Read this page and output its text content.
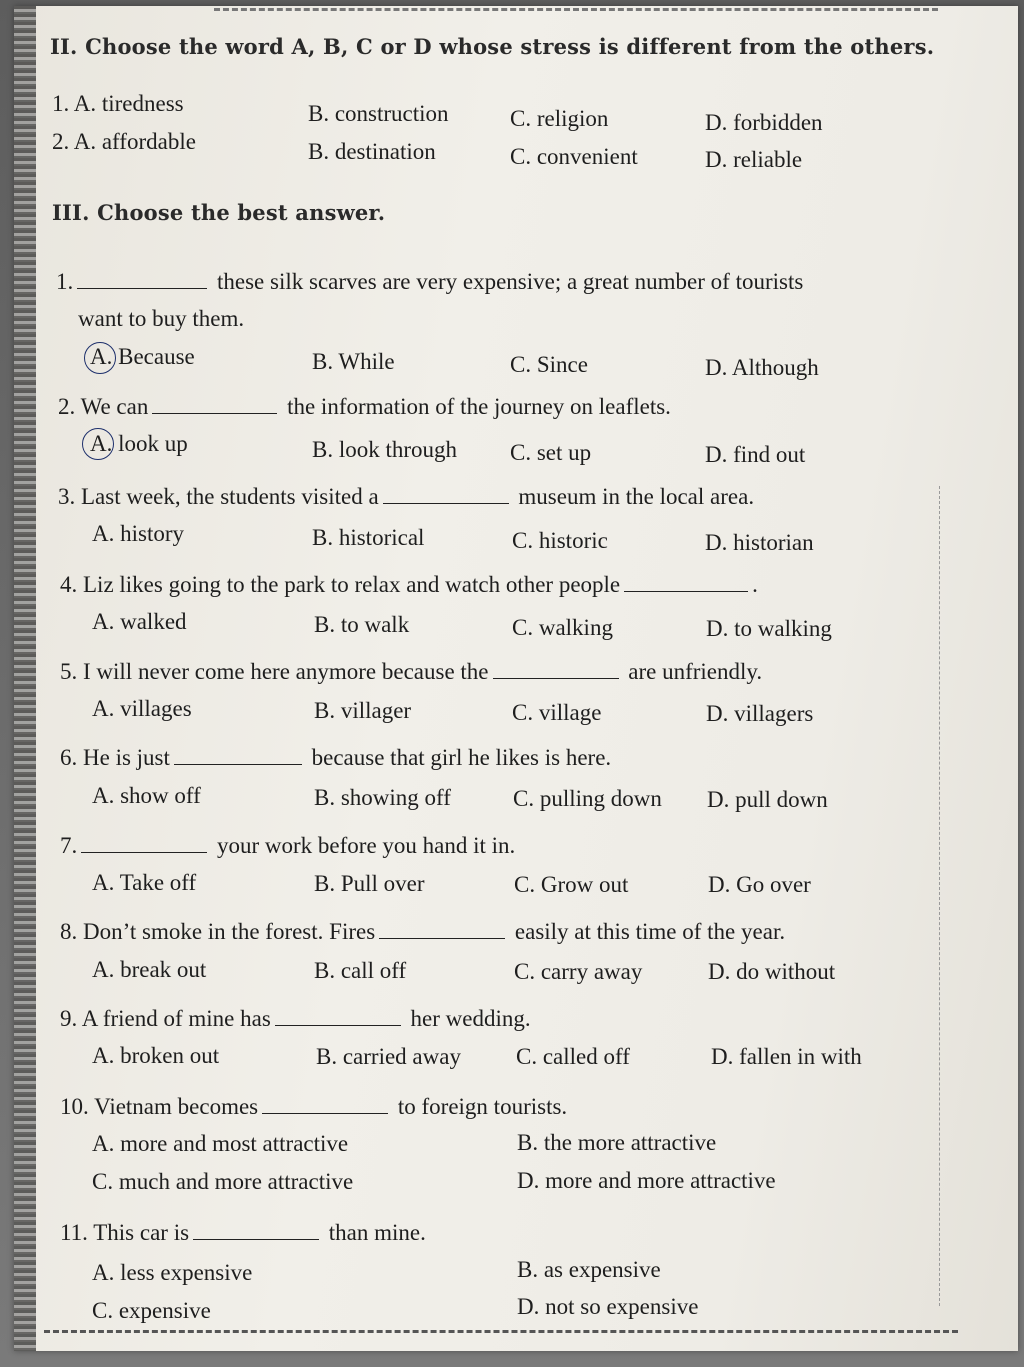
II. Choose the word A, B, C or D whose stress is different from the others.
1. A. tiredness	B. construction	C. religion	D. forbidden
2. A. affordable	B. destination	C. convenient	D. reliable
III. Choose the best answer.
1.	these silk scarves are very expensive; a great number of tourists
want to buy them.
A. Because	B. While	C. Since	D. Although
2. We can	the information of the journey on leaflets.
A. look up	B. look through C. set up	D. find out
3. Last week, the students visited a	museum in the local area.
A. history	B. historical	C. historic	D. historian
4. Liz likes going to the park to relax and watch other people	.
A. walked	B. to walk	C. walking	D. to walking
5. I will never come here anymore because the	are unfriendly.
A. villages	B. villager	C. village	D. villagers
6. He is just	because that girl he likes is here.
A. show off	B. showing off	C. pulling down D. pull down
7.	your work before you hand it in.
A. Take off	B. Pull over	C. Grow out	D. Go over
8. Don’t smoke in the forest. Fires	easily at this time of the year.
A. break out	B. call off	C. carry away	D. do without
9. A friend of mine has	her wedding.
A. broken out	B. carried away C. called off	D. fallen in with
10. Vietnam becomes	to foreign tourists.
A. more and most attractive	B. the more attractive
C. much and more attractive	D. more and more attractive
11. This car is	than mine.
A. less expensive	B. as expensive
C. expensive	D. not so expensive
